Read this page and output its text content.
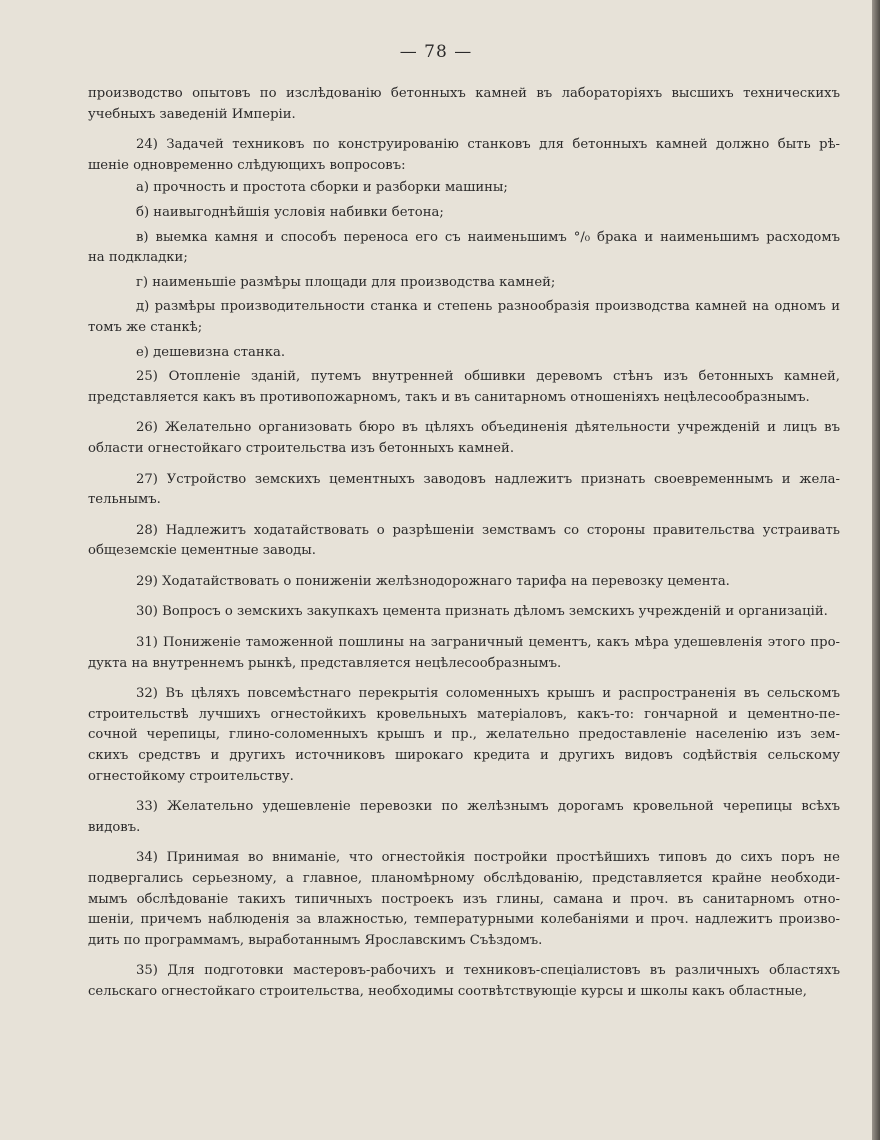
— 78 —
производство опытовъ по изслѣдованію бетонныхъ камней въ лабораторіяхъ высшихъ техническихъ
учебныхъ заведеній Имперіи.
24) Задачей техниковъ по конструированію станковъ для бетонныхъ камней должно быть рѣ-
шеніе одновременно слѣдующихъ вопросовъ:
а) прочность и простота сборки и разборки машины;
б) наивыгоднѣйшія условія набивки бетона;
в) выемка камня и способъ переноса его съ наименьшимъ °/₀ брака и наименьшимъ расходомъ
на подкладки;
г) наименьшіе размѣры площади для производства камней;
д) размѣры производительности станка и степень разнообразія производства камней на одномъ и
томъ же станкѣ;
е) дешевизна станка.
25) Отопленіе зданій, путемъ внутренней обшивки деревомъ стѣнъ изъ бетонныхъ камней,
представляется какъ въ противопожарномъ, такъ и въ санитарномъ отношеніяхъ нецѣлесообразнымъ.
26) Желательно организовать бюро въ цѣляхъ объединенія дѣятельности учрежденій и лицъ въ
области огнестойкаго строительства изъ бетонныхъ камней.
27) Устройство земскихъ цементныхъ заводовъ надлежитъ признать своевременнымъ и жела-
тельнымъ.
28) Надлежитъ ходатайствовать о разрѣшеніи земствамъ со стороны правительства устраивать
общеземскіе цементные заводы.
29) Ходатайствовать о пониженіи желѣзнодорожнаго тарифа на перевозку цемента.
30) Вопросъ о земскихъ закупкахъ цемента признать дѣломъ земскихъ учрежденій и организацій.
31) Пониженіе таможенной пошлины на заграничный цементъ, какъ мѣра удешевленія этого про-
дукта на внутреннемъ рынкѣ, представляется нецѣлесообразнымъ.
32) Въ цѣляхъ повсемѣстнаго перекрытія соломенныхъ крышъ и распространенія въ сельскомъ
строительствѣ лучшихъ огнестойкихъ кровельныхъ матеріаловъ, какъ-то: гончарной и цементно-пе-
сочной черепицы, глино-соломенныхъ крышъ и пр., желательно предоставленіе населенію изъ зем-
скихъ средствъ и другихъ источниковъ широкаго кредита и другихъ видовъ содѣйствія сельскому
огнестойкому строительству.
33) Желательно удешевленіе перевозки по желѣзнымъ дорогамъ кровельной черепицы всѣхъ
видовъ.
34) Принимая во вниманіе, что огнестойкія постройки простѣйшихъ типовъ до сихъ поръ не
подвергались серьезному, а главное, планомѣрному обслѣдованію, представляется крайне необходи-
мымъ обслѣдованіе такихъ типичныхъ построекъ изъ глины, самана и проч. въ санитарномъ отно-
шеніи, причемъ наблюденія за влажностью, температурными колебаніями и проч. надлежитъ произво-
дить по программамъ, выработаннымъ Ярославскимъ Съѣздомъ.
35) Для подготовки мастеровъ-рабочихъ и техниковъ-спеціалистовъ въ различныхъ областяхъ
сельскаго огнестойкаго строительства, необходимы соотвѣтствующіе курсы и школы какъ областные,
